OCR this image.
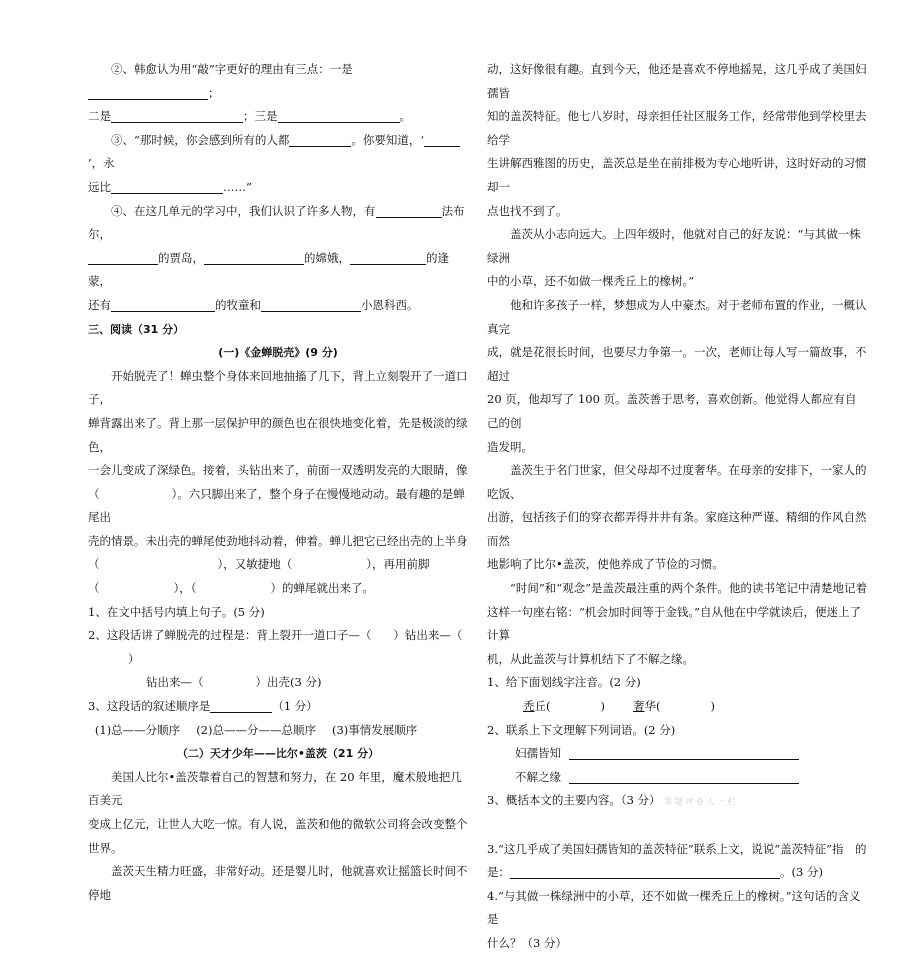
②、韩愈认为用“敲”字更好的理由有三点：一是；

二是	；三是	。

③、“那时候，你会感到所有的人都	。你要知道，‘’，永

远比	……”

④、在这几单元的学习中，我们认识了许多人物，有	法布尔，

的贾岛，	的嫦娥，	的逢蒙，

还有	的牧童和	小恩科西。

三、阅读（31 分）

(一)《金蝉脱壳》(9 分)

开始脱壳了！蝉虫整个身体来回地抽搐了几下，背上立刻裂开了一道口子，

蝉背露出来了。背上那一层保护甲的颜色也在很快地变化着，先是极淡的绿色，

一会儿变成了深绿色。接着，头钻出来了，前面一双透明发亮的大眼睛，像

（	）。六只脚出来了，整个身子在慢慢地动动。最有趣的是蝉尾出

壳的情景。未出壳的蝉尾使劲地抖动着，伸着。蝉儿把它已经出壳的上半身

（	），又敏捷地（	），再用前脚

（	），（	）的蝉尾就出来了。

1、在文中括号内填上句子。(5 分)

2、这段话讲了蝉脱壳的过程是：背上裂开一道口子—（ ）钻出来—（）

钻出来—（	）出壳(3 分)

3、这段话的叙述顺序是	（1 分）

(1)总——分顺序 (2)总——分——总顺序 (3)事情发展顺序

（二）天才少年——比尔•盖茨（21 分）

美国人比尔•盖茨靠着自己的智慧和努力，在 20 年里，魔术般地把几百美元

变成上亿元，让世人大吃一惊。有人说，盖茨和他的微软公司将会改变整个世界。

盖茨天生精力旺盛，非常好动。还是婴儿时，他就喜欢让摇篮长时间不停地

动，这好像很有趣。直到今天，他还是喜欢不停地摇晃，这几乎成了美国妇孺皆

知的盖茨特征。他七八岁时，母亲担任社区服务工作，经常带他到学校里去给学

生讲解西雅图的历史，盖茨总是坐在前排极为专心地听讲，这时好动的习惯却一

点也找不到了。

盖茨从小志向远大。上四年级时，他就对自己的好友说：“与其做一株绿洲

中的小草，还不如做一棵秃丘上的橡树。”

他和许多孩子一样，梦想成为人中豪杰。对于老师布置的作业，一概认真完

成，就是花很长时间，也要尽力争第一。一次，老师让每人写一篇故事，不超过

20 页，他却写了 100 页。盖茨善于思考，喜欢创新。他觉得人都应有自己的创

造发明。

盖茨生于名门世家，但父母却不过度奢华。在母亲的安排下，一家人的吃饭、

出游，包括孩子们的穿衣都弄得井井有条。家庭这种严谨、精细的作风自然而然

地影响了比尔•盖茨，使他养成了节俭的习惯。

“时间”和“观念”是盖茨最注重的两个条件。他的读书笔记中清楚地记着

这样一句座右铭：“机会加时间等于金钱。”自从他在中学就读后，便迷上了计算

机，从此盖茨与计算机结下了不解之缘。

1、给下面划线字注音。(2 分)

秃丘(	) 奢华(	)

2、联系上下文理解下列词语。(2 分)

妇孺皆知

不解之缘

3、概括本文的主要内容。（3 分） 第 题 评 卷 人 一 栏

3.“这几乎成了美国妇孺皆知的盖茨特征”联系上文，说说“盖茨特征”指　的

是：	。(3 分)

4.“与其做一株绿洲中的小草，还不如做一棵秃丘上的橡树。”这句话的含义是

什么？（3 分）
